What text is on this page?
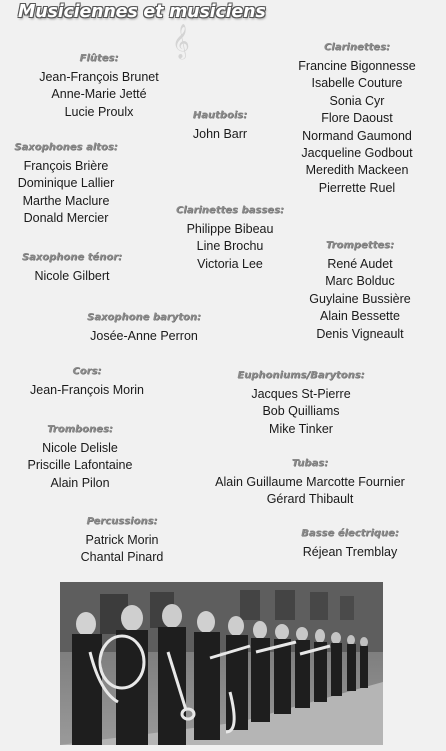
Musiciennes et musiciens
𝄞
Flûtes:
Jean-François Brunet
Anne-Marie Jetté
Lucie Proulx
Clarinettes:
Francine Bigonnesse
Isabelle Couture
Sonia Cyr
Flore Daoust
Normand Gaumond
Jacqueline Godbout
Meredith Mackeen
Pierrette Ruel
Hautbois:
John Barr
Saxophones altos:
François Brière
Dominique Lallier
Marthe Maclure
Donald Mercier
Clarinettes basses:
Philippe Bibeau
Line Brochu
Victoria Lee
Saxophone ténor:
Nicole Gilbert
Trompettes:
René Audet
Marc Bolduc
Guylaine Bussière
Alain Bessette
Denis Vigneault
Saxophone baryton:
Josée-Anne Perron
Cors:
Jean-François Morin
Euphoniums/Barytons:
Jacques St-Pierre
Bob Quilliams
Mike Tinker
Trombones:
Nicole Delisle
Priscille Lafontaine
Alain Pilon
Tubas:
Alain Guillaume Marcotte Fournier
Gérard Thibault
Percussions:
Patrick Morin
Chantal Pinard
Basse électrique:
Réjean Tremblay
